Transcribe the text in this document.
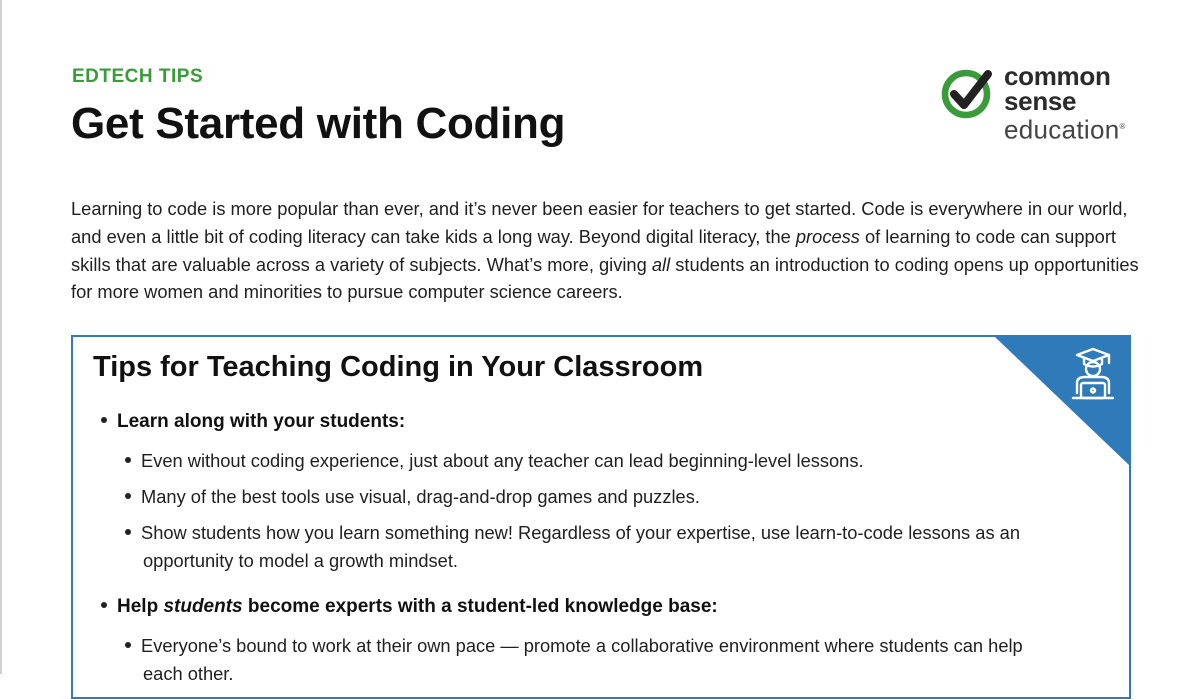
EDTECH TIPS
Get Started with Coding
common
sense
education®

Learning to code is more popular than ever, and it’s never been easier for teachers to get started. Code is everywhere in our world, and even a little bit of coding literacy can take kids a long way. Beyond digital literacy, the process of learning to code can support skills that are valuable across a variety of subjects. What’s more, giving all students an introduction to coding opens up opportunities for more women and minorities to pursue computer science careers.

Tips for Teaching Coding in Your Classroom
Learn along with your students:
Even without coding experience, just about any teacher can lead beginning-level lessons.
Many of the best tools use visual, drag-and-drop games and puzzles.
Show students how you learn something new! Regardless of your expertise, use learn-to-code lessons as an opportunity to model a growth mindset.
Help students become experts with a student-led knowledge base:
Everyone’s bound to work at their own pace — promote a collaborative environment where students can help each other.
